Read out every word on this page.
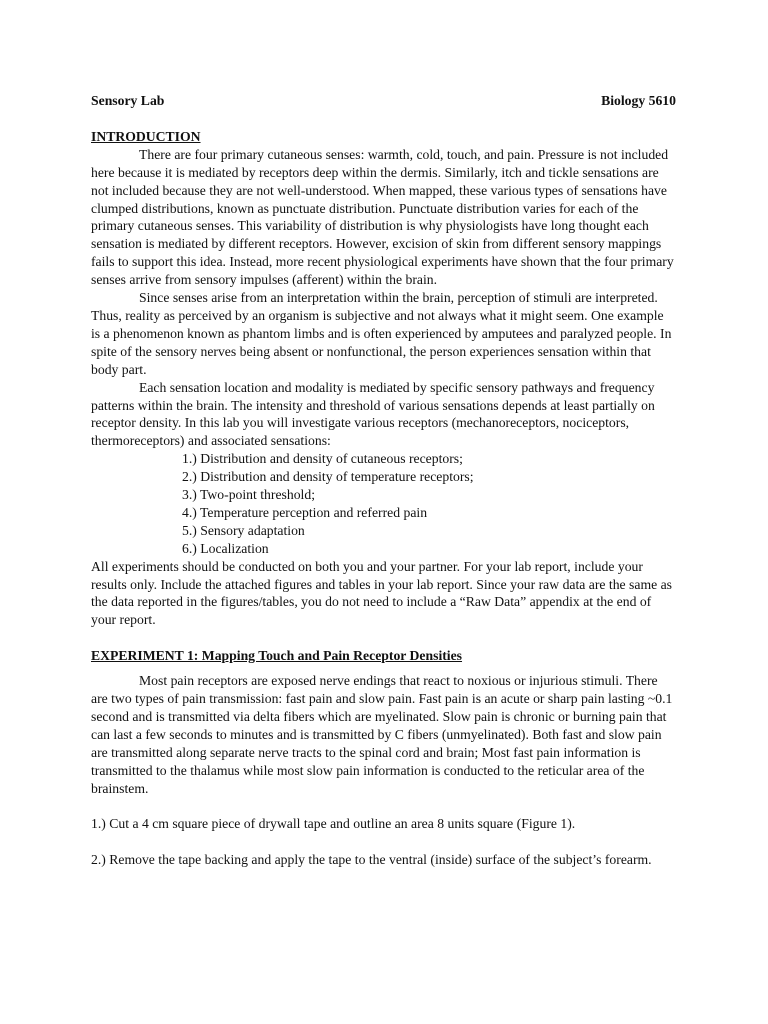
Sensory Lab	Biology 5610

INTRODUCTION

There are four primary cutaneous senses: warmth, cold, touch, and pain. Pressure is not included here because it is mediated by receptors deep within the dermis. Similarly, itch and tickle sensations are not included because they are not well-understood. When mapped, these various types of sensations have clumped distributions, known as punctuate distribution. Punctuate distribution varies for each of the primary cutaneous senses. This variability of distribution is why physiologists have long thought each sensation is mediated by different receptors. However, excision of skin from different sensory mappings fails to support this idea. Instead, more recent physiological experiments have shown that the four primary senses arrive from sensory impulses (afferent) within the brain.

Since senses arise from an interpretation within the brain, perception of stimuli are interpreted. Thus, reality as perceived by an organism is subjective and not always what it might seem. One example is a phenomenon known as phantom limbs and is often experienced by amputees and paralyzed people. In spite of the sensory nerves being absent or nonfunctional, the person experiences sensation within that body part.

Each sensation location and modality is mediated by specific sensory pathways and frequency patterns within the brain. The intensity and threshold of various sensations depends at least partially on receptor density. In this lab you will investigate various receptors (mechanoreceptors, nociceptors, thermoreceptors) and associated sensations:

1.) Distribution and density of cutaneous receptors;
2.) Distribution and density of temperature receptors;
3.) Two-point threshold;
4.) Temperature perception and referred pain
5.) Sensory adaptation
6.) Localization

All experiments should be conducted on both you and your partner. For your lab report, include your results only. Include the attached figures and tables in your lab report. Since your raw data are the same as the data reported in the figures/tables, you do not need to include a “Raw Data” appendix at the end of your report.

EXPERIMENT 1: Mapping Touch and Pain Receptor Densities

Most pain receptors are exposed nerve endings that react to noxious or injurious stimuli. There are two types of pain transmission: fast pain and slow pain. Fast pain is an acute or sharp pain lasting ~0.1 second and is transmitted via delta fibers which are myelinated. Slow pain is chronic or burning pain that can last a few seconds to minutes and is transmitted by C fibers (unmyelinated). Both fast and slow pain are transmitted along separate nerve tracts to the spinal cord and brain; Most fast pain information is transmitted to the thalamus while most slow pain information is conducted to the reticular area of the brainstem.

1.) Cut a 4 cm square piece of drywall tape and outline an area 8 units square (Figure 1).

2.) Remove the tape backing and apply the tape to the ventral (inside) surface of the subject’s forearm.
